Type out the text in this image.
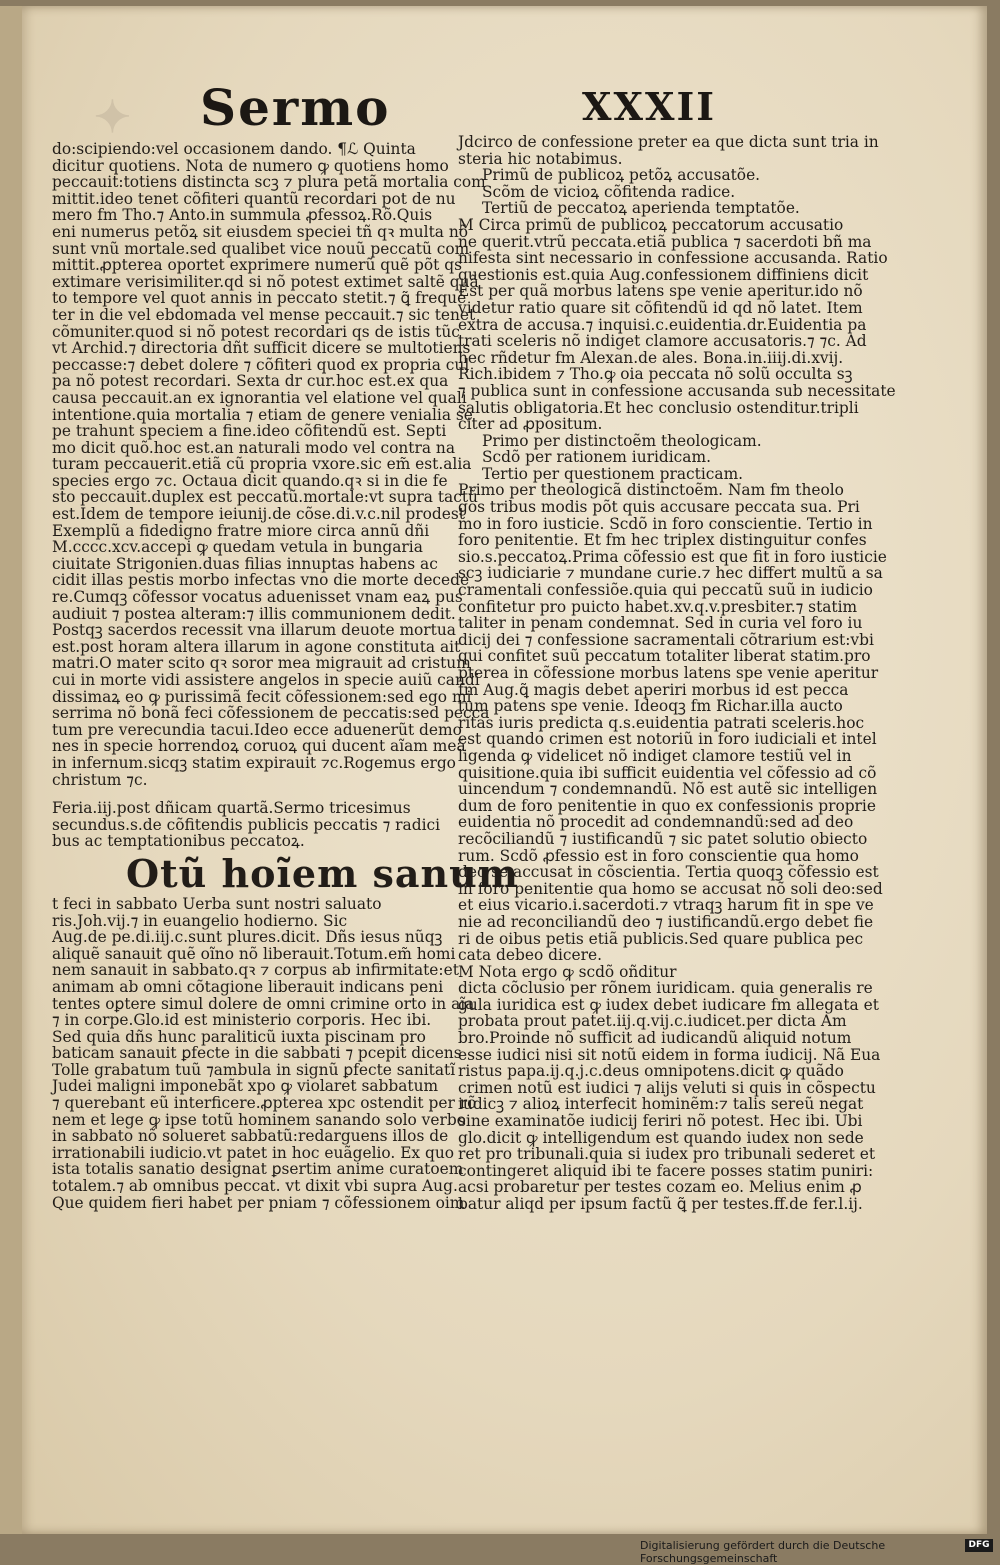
✦ Sermo	XXXII

do:scipiendo:vel occasionem dando. ¶ℒ Quinta

dicitur quotiens. Nota de numero ꝙ quotiens homo

peccauit:totiens distincta scꝫ ⁊ plura petã mortalia com

mittit.ideo tenet cõfiteri quantũ recordari pot de nu

mero fm Tho.⁊ Anto.in summula ꝓfessoꝝ.Rõ.Quis

eni numerus petõꝝ sit eiusdem speciei tñ qꝛ multa nõ

sunt vnũ mortale.sed qualibet vice nouũ peccatũ com

mittit.ꝓpterea oportet exprimere numerũ quẽ põt qs

extimare verisimiliter.qd si nõ potest extimet saltẽ quã

to tempore vel quot annis in peccato stetit.⁊ ꝗ̃ frequẽ

ter in die vel ebdomada vel mense peccauit.⁊ sic tenet

cõmuniter.quod si nõ potest recordari qs de istis tũc

vt Archid.⁊ directoria dñt sufficit dicere se multotiens

peccasse:⁊ debet dolere ⁊ cõfiteri quod ex propria cul

pa nõ potest recordari. Sexta dr cur.hoc est.ex qua

causa peccauit.an ex ignorantia vel elatione vel quali

intentione.quia mortalia ⁊ etiam de genere venialia se

pe trahunt speciem a fine.ideo cõfitendũ est. Septi

mo dicit quõ.hoc est.an naturali modo vel contra na

turam peccauerit.etiã cũ propria vxore.sic em̃ est.alia

species ergo ⁊c. Octaua dicit quando.qꝛ si in die fe

sto peccauit.duplex est peccatũ.mortale:vt supra tactũ

est.Idem de tempore ieiunij.de cõse.di.v.c.nil prodest

Exemplũ a fidedigno fratre miore circa annũ dñi

M.cccc.xcv.accepi ꝙ quedam vetula in bungaria

ciuitate Strigonien.duas filias innuptas habens ac

cidit illas pestis morbo infectas vno die morte decede

re.Cumqꝫ cõfessor vocatus aduenisset vnam eaꝝ pus

audiuit ⁊ postea alteram:⁊ illis communionem dedit.

Postqꝫ sacerdos recessit vna illarum deuote mortua

est.post horam altera illarum in agone constituta ait

matri.O mater scito qꝛ soror mea migrauit ad cristum

cui in morte vidi assistere angelos in specie auiũ candi

dissimaꝝ eo ꝙ purissimã fecit cõfessionem:sed ego mi

serrima nõ bonã feci cõfessionem de peccatis:sed pecca

tum pre verecundia tacui.Ideo ecce aduenerũt demo

nes in specie horrendoꝝ coruoꝝ qui ducent aĩam meã

in infernum.sicqꝫ statim expirauit ⁊c.Rogemus ergo

christum ⁊c.

Feria.iij.post dñicam quartã.Sermo tricesimus

secundus.s.de cõfitendis publicis peccatis ⁊ radici

bus ac temptationibus peccatoꝝ.

Otũ hoĩem sanum

t feci in sabbato Uerba sunt nostri saluato

ris.Joh.vij.⁊ in euangelio hodierno. Sic

Aug.de pe.di.iij.c.sunt plures.dicit. Dñs iesus nũqꝫ

aliquẽ sanauit quẽ oĩno nõ liberauit.Totum.em̃ homi

nem sanauit in sabbato.qꝛ ⁊ corpus ab infirmitate:et

animam ab omni cõtagione liberauit indicans peni

tentes oꝑtere simul dolere de omni crimine orto in aĩa

⁊ in corpe.Glo.id est ministerio corporis. Hec ibi.

Sed quia dñs hunc paraliticũ iuxta piscinam pro

baticam sanauit ꝑfecte in die sabbati ⁊ pcepit dicens

Tolle grabatum tuũ ⁊ambula in signũ ꝑfecte sanitatĩ

Judei maligni imponebãt xpo ꝙ violaret sabbatum

⁊ querebant eũ interficere.ꝓpterea xpc ostendit per rõ

nem et lege ꝙ ipse totũ hominem sanando solo verbo

in sabbato nõ solueret sabbatũ:redarguens illos de

irrationabili iudicio.vt patet in hoc euãgelio. Ex quo

ista totalis sanatio designat ꝑsertim anime curatoem

totalem.⁊ ab omnibus peccat. vt dixit vbi supra Aug.

Que quidem fieri habet per pniam ⁊ cõfessionem oim

Jdcirco de confessione preter ea que dicta sunt tria in

steria hic notabimus.

Primũ de publicoꝝ petõꝝ accusatõe.

Scõm de vicioꝝ cõfitenda radice.

Tertiũ de peccatoꝝ aperienda temptatõe.

M Circa primũ de publicoꝝ peccatorum accusatio

ne querit.vtrũ peccata.etiã publica ⁊ sacerdoti bñ ma

nifesta sint necessario in confessione accusanda. Ratio

questionis est.quia Aug.confessionem diffiniens dicit

Est per quã morbus latens spe venie aperitur.ido nõ

videtur ratio quare sit cõfitendũ id qd nõ latet. Item

extra de accusa.⁊ inquisi.c.euidentia.dr.Euidentia pa

trati sceleris nõ indiget clamore accusatoris.⁊ ⁊c. Ad

hec rñdetur fm Alexan.de ales. Bona.in.iiij.di.xvij.

Rich.ibidem ⁊ Tho.ꝙ oia peccata nõ solũ occulta sꝫ

⁊ publica sunt in confessione accusanda sub necessitate

salutis obligatoria.Et hec conclusio ostenditur.tripli

citer ad ꝓpositum.

Primo per distinctoẽm theologicam.

Scdõ per rationem iuridicam.

Tertio per questionem practicam.

Primo per theologicã distinctoẽm. Nam fm theolo

gos tribus modis põt quis accusare peccata sua. Pri

mo in foro iusticie. Scdõ in foro conscientie. Tertio in

foro penitentie. Et fm hec triplex distinguitur confes

sio.s.peccatoꝝ.Prima cõfessio est que fit in foro iusticie

scꝫ iudiciarie ⁊ mundane curie.⁊ hec differt multũ a sa

cramentali confessiõe.quia qui peccatũ suũ in iudicio

confitetur pro puicto habet.xv.q.v.presbiter.⁊ statim

taliter in penam condemnat. Sed in curia vel foro iu

dicij dei ⁊ confessione sacramentali cõtrarium est:vbi

qui confitet suũ peccatum totaliter liberat statim.pro

pterea in cõfessione morbus latens spe venie aperitur

fm Aug.ꝗ̃ magis debet aperiri morbus id est pecca

tum patens spe venie. Ideoqꝫ fm Richar.illa aucto

ritas iuris predicta q.s.euidentia patrati sceleris.hoc

est quando crimen est notoriũ in foro iudiciali et intel

ligenda ꝙ videlicet nõ indiget clamore testiũ vel in

quisitione.quia ibi sufficit euidentia vel cõfessio ad cõ

uincendum ⁊ condemnandũ. Nõ est autẽ sic intelligen

dum de foro penitentie in quo ex confessionis proprie

euidentia nõ procedit ad condemnandũ:sed ad deo

recõciliandũ ⁊ iustificandũ ⁊ sic patet solutio obiecto

rum. Scdõ ꝓfessio est in foro conscientie qua homo

deo se accusat in cõscientia. Tertia quoqꝫ cõfessio est

in foro penitentie qua homo se accusat nõ soli deo:sed

et eius vicario.i.sacerdoti.⁊ vtraqꝫ harum fit in spe ve

nie ad reconciliandũ deo ⁊ iustificandũ.ergo debet fie

ri de oibus petis etiã publicis.Sed quare publica pec

cata debeo dicere.

M Nota ergo ꝙ scdõ oñditur

dicta cõclusio per rõnem iuridicam. quia generalis re

gula iuridica est ꝙ iudex debet iudicare fm allegata et

probata prout patet.iij.q.vij.c.iudicet.per dicta Am

bro.Proinde nõ sufficit ad iudicandũ aliquid notum

esse iudici nisi sit notũ eidem in forma iudicij. Nã Eua

ristus papa.ij.q.j.c.deus omnipotens.dicit ꝙ quãdo

crimen notũ est iudici ⁊ alijs veluti si quis in cõspectu

iudicꝫ ⁊ alioꝝ interfecit hominẽm:⁊ talis sereũ negat

sine examinatõe iudicij feriri nõ potest. Hec ibi. Ubi

glo.dicit ꝙ intelligendum est quando iudex non sede

ret pro tribunali.quia si iudex pro tribunali sederet et

contingeret aliquid ibi te facere posses statim puniri:

acsi probaretur per testes cozam eo. Melius enim ꝓ

batur aliqd per ipsum factũ ꝗ̃ per testes.ff.de fer.l.ij.

Digitalisierung gefördert durch die Deutsche Forschungsgemeinschaft
DFG
